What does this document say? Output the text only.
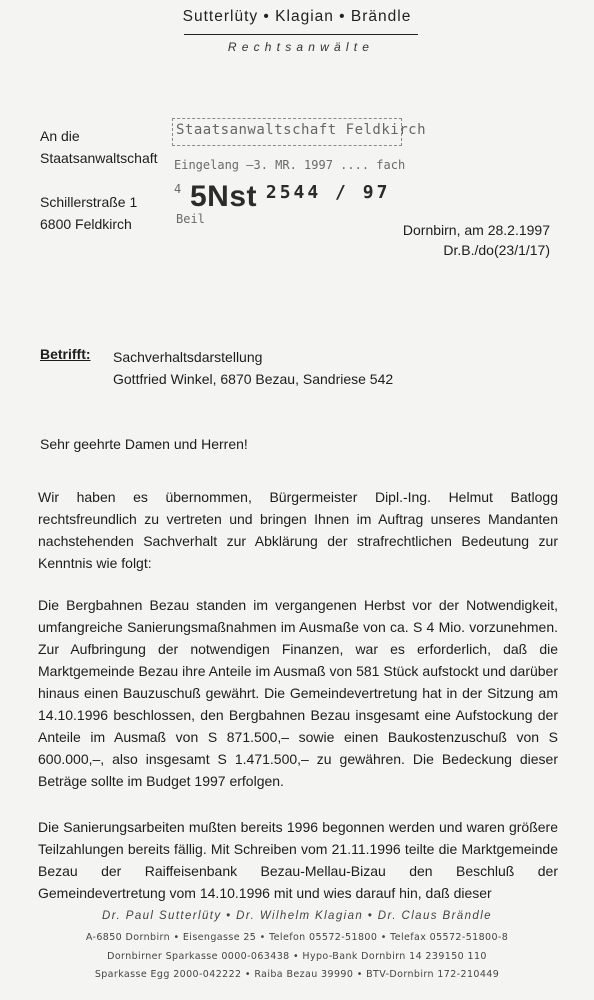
Sutterlüty • Klagian • Brändle
Rechtsanwälte
An die
Staatsanwaltschaft
Schillerstraße 1
6800 Feldkirch
Staatsanwaltschaft Feldkirch
Eingelang –3. MR. 1997 .... fach
4 5Nst $^{2544 / 97}$
Beil
Dornbirn, am 28.2.1997
Dr.B./do(23/1/17)
Betrifft: Sachverhaltsdarstellung
Gottfried Winkel, 6870 Bezau, Sandriese 542
Sehr geehrte Damen und Herren!
Wir haben es übernommen, Bürgermeister Dipl.-Ing. Helmut Batlogg rechtsfreundlich zu vertreten und bringen Ihnen im Auftrag unseres Mandanten nachstehenden Sachverhalt zur Abklärung der strafrechtlichen Bedeutung zur Kenntnis wie folgt:
Die Bergbahnen Bezau standen im vergangenen Herbst vor der Notwendigkeit, umfangreiche Sanierungsmaßnahmen im Ausmaße von ca. S 4 Mio. vorzunehmen. Zur Aufbringung der notwendigen Finanzen, war es erforderlich, daß die Marktgemeinde Bezau ihre Anteile im Ausmaß von 581 Stück aufstockt und darüber hinaus einen Bauzuschuß gewährt. Die Gemeindevertretung hat in der Sitzung am 14.10.1996 beschlossen, den Bergbahnen Bezau insgesamt eine Aufstockung der Anteile im Ausmaß von S 871.500,– sowie einen Baukostenzuschuß von S 600.000,–, also insgesamt S 1.471.500,– zu gewähren. Die Bedeckung dieser Beträge sollte im Budget 1997 erfolgen.
Die Sanierungsarbeiten mußten bereits 1996 begonnen werden und waren größere Teilzahlungen bereits fällig. Mit Schreiben vom 21.11.1996 teilte die Marktgemeinde Bezau der Raiffeisenbank Bezau-Mellau-Bizau den Beschluß der Gemeindevertretung vom 14.10.1996 mit und wies darauf hin, daß dieser
Dr. Paul Sutterlüty • Dr. Wilhelm Klagian • Dr. Claus Brändle
A-6850 Dornbirn • Eisengasse 25 • Telefon 05572-51800 • Telefax 05572-51800-8
Dornbirner Sparkasse 0000-063438 • Hypo-Bank Dornbirn 14 239150 110
Sparkasse Egg 2000-042222 • Raiba Bezau 39990 • BTV-Dornbirn 172-210449
